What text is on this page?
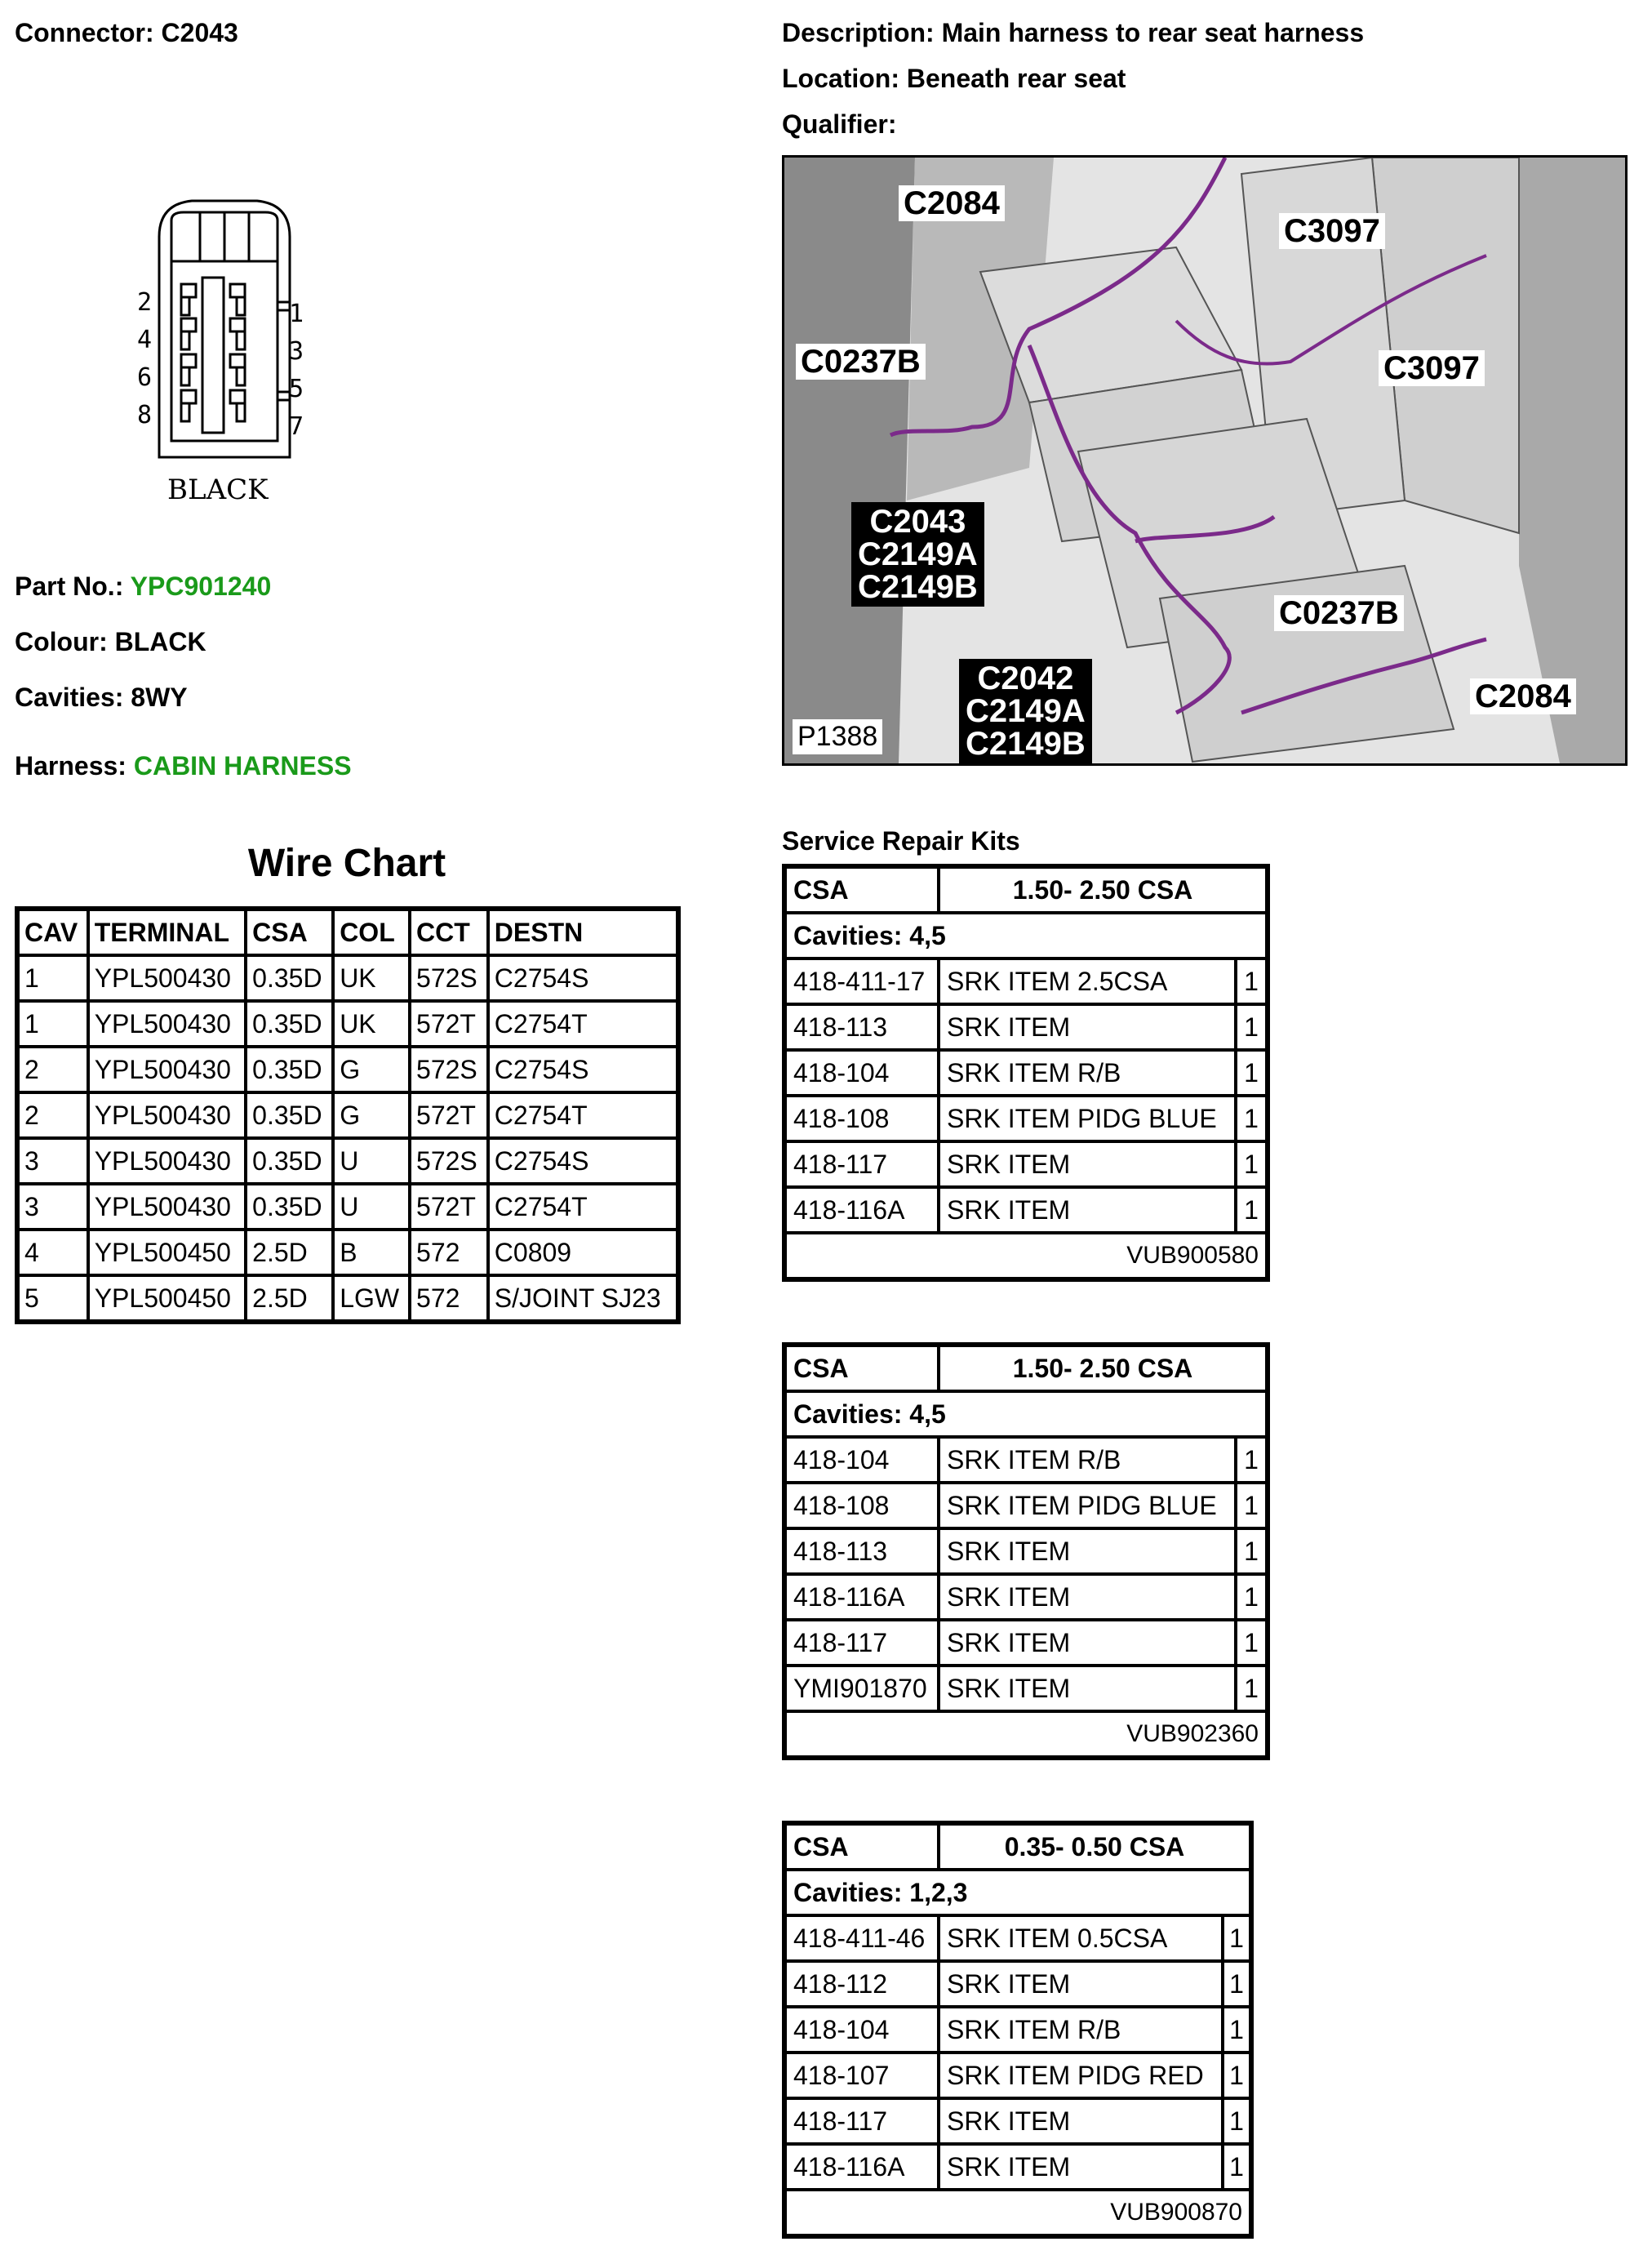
Connector: C2043	Description: Main harness to rear seat harness
Location: Beneath rear seat
Qualifier:
2
4
6
8
1
3
5
7
BLACK
Part No.: YPC901240
Colour: BLACK
Cavities: 8WY
Harness: CABIN HARNESS
C2084
C3097
C0237B	C3097
C0237B
C2084
C2043
C2149A
C2149B
C2042
C2149A
C2149B
P1388
Wire Chart
CAV	TERMINAL	CSA	COL	CCT	DESTN
1	YPL500430	0.35D	UK	572S	C2754S
1	YPL500430	0.35D	UK	572T	C2754T
2	YPL500430	0.35D	G	572S	C2754S
2	YPL500430	0.35D	G	572T	C2754T
3	YPL500430	0.35D	U	572S	C2754S
3	YPL500430	0.35D	U	572T	C2754T
4	YPL500450	2.5D	B	572	C0809
5	YPL500450	2.5D	LGW	572	S/JOINT SJ23
Service Repair Kits
CSA	1.50- 2.50 CSA	
Cavities: 4,5		
418-411-17	SRK ITEM 2.5CSA	1
418-113	SRK ITEM	1
418-104	SRK ITEM R/B	1
418-108	SRK ITEM PIDG BLUE	1
418-117	SRK ITEM	1
418-116A	SRK ITEM	1
VUB900580		
CSA	1.50- 2.50 CSA	
Cavities: 4,5		
418-104	SRK ITEM R/B	1
418-108	SRK ITEM PIDG BLUE	1
418-113	SRK ITEM	1
418-116A	SRK ITEM	1
418-117	SRK ITEM	1
YMI901870	SRK ITEM	1
VUB902360		
CSA	0.35- 0.50 CSA	
Cavities: 1,2,3		
418-411-46	SRK ITEM 0.5CSA	1
418-112	SRK ITEM	1
418-104	SRK ITEM R/B	1
418-107	SRK ITEM PIDG RED	1
418-117	SRK ITEM	1
418-116A	SRK ITEM	1
VUB900870		
